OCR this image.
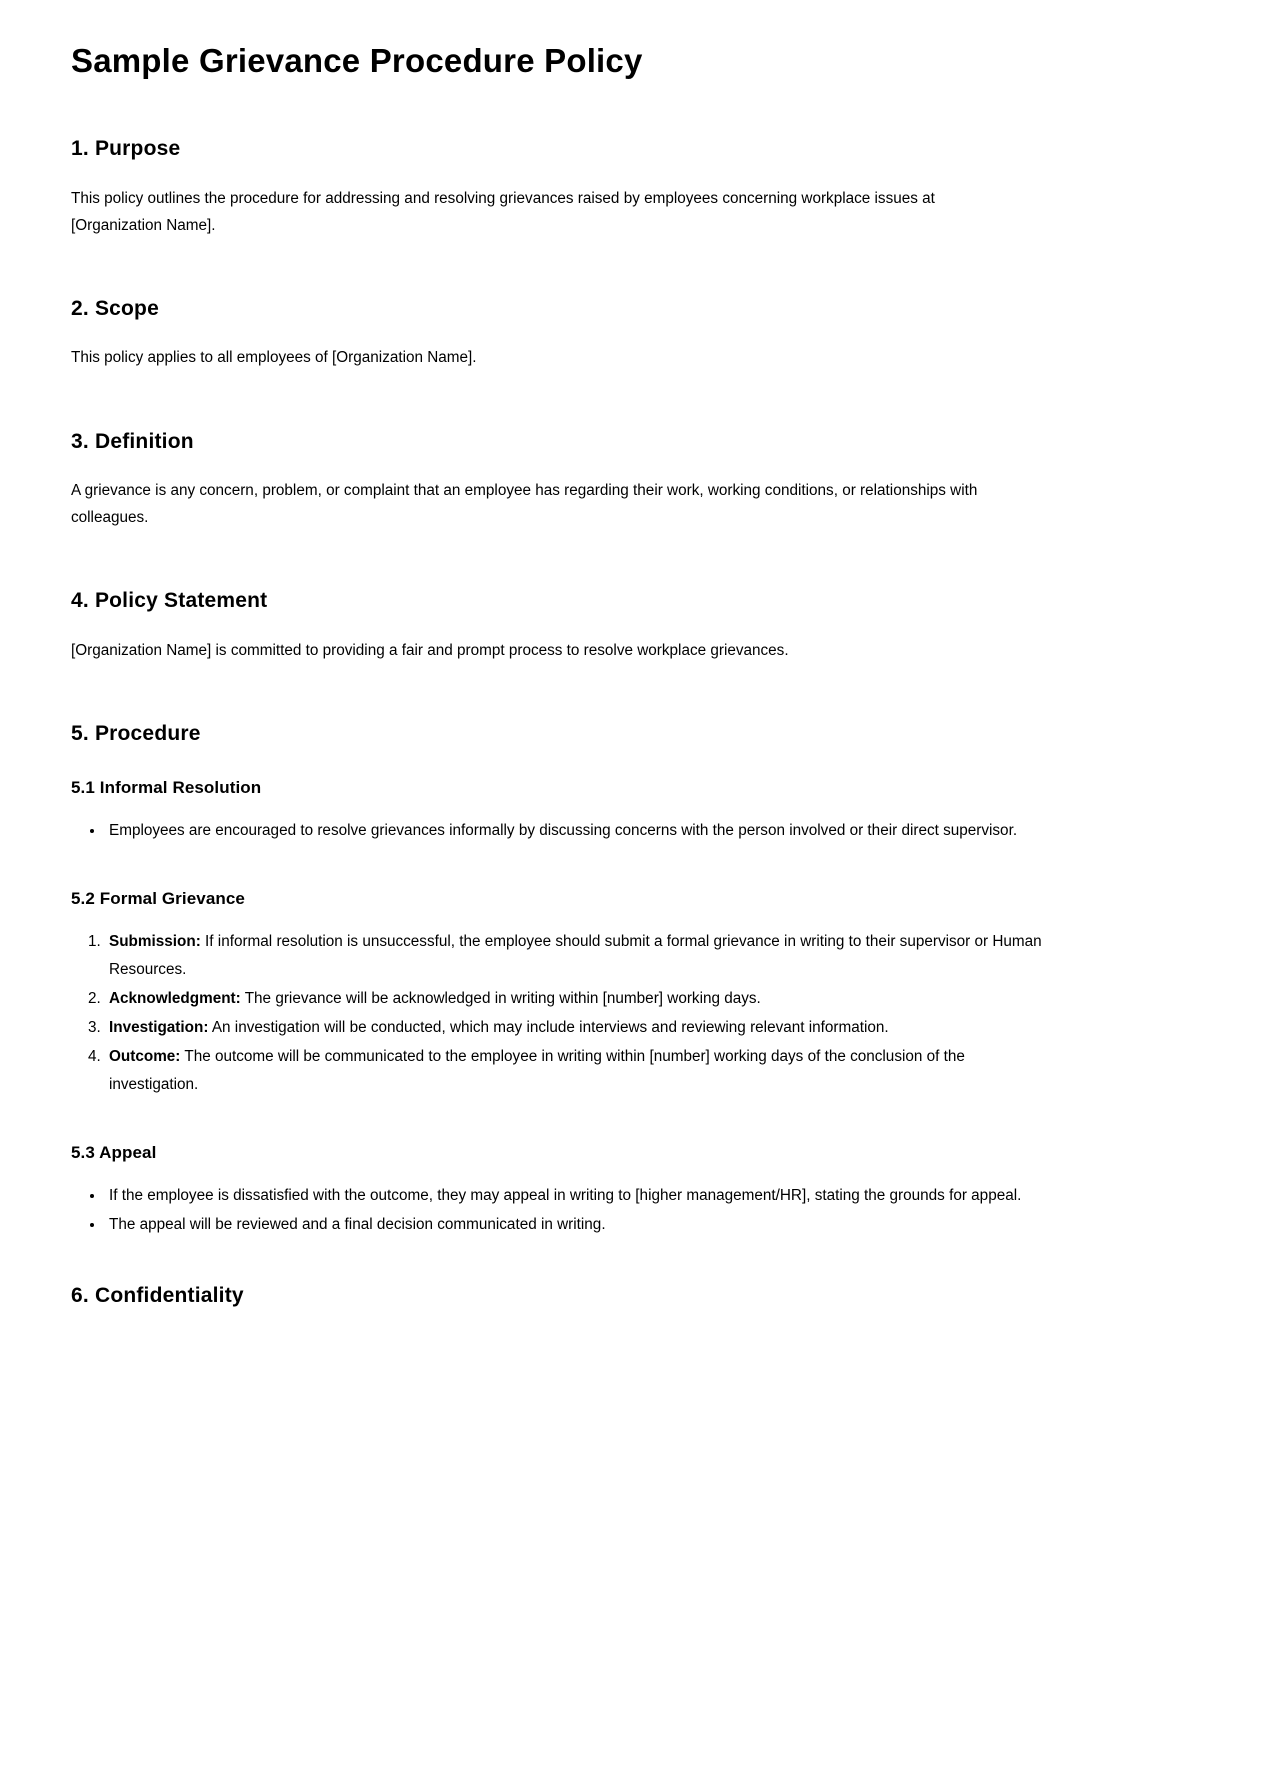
Sample Grievance Procedure Policy
1. Purpose

This policy outlines the procedure for addressing and resolving grievances raised by employees concerning workplace issues at [Organization Name].

2. Scope

This policy applies to all employees of [Organization Name].

3. Definition

A grievance is any concern, problem, or complaint that an employee has regarding their work, working conditions, or relationships with colleagues.

4. Policy Statement

[Organization Name] is committed to providing a fair and prompt process to resolve workplace grievances.

5. Procedure
5.1 Informal Resolution
• Employees are encouraged to resolve grievances informally by discussing concerns with the person involved or their direct supervisor.
5.2 Formal Grievance
1. Submission: If informal resolution is unsuccessful, the employee should submit a formal grievance in writing to their supervisor or Human Resources.
2. Acknowledgment: The grievance will be acknowledged in writing within [number] working days.
3. Investigation: An investigation will be conducted, which may include interviews and reviewing relevant information.
4. Outcome: The outcome will be communicated to the employee in writing within [number] working days of the conclusion of the investigation.
5.3 Appeal
• If the employee is dissatisfied with the outcome, they may appeal in writing to [higher management/HR], stating the grounds for appeal.
• The appeal will be reviewed and a final decision communicated in writing.
6. Confidentiality
